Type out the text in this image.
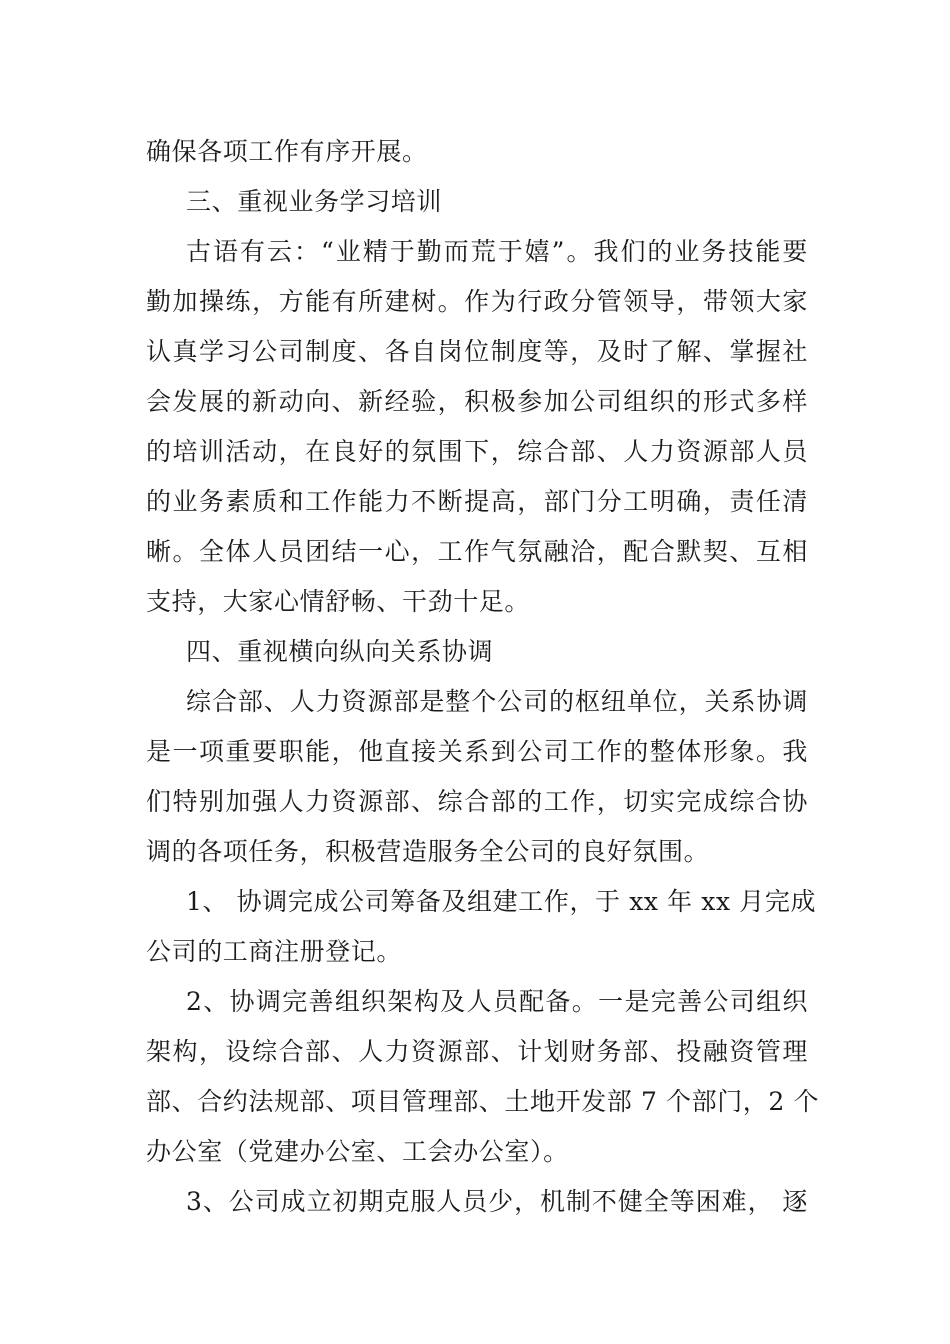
确保各项工作有序开展。
三、重视业务学习培训
古语有云：“业精于勤而荒于嬉”。我们的业务技能要
勤加操练，方能有所建树。作为行政分管领导，带领大家
认真学习公司制度、各自岗位制度等，及时了解、掌握社
会发展的新动向、新经验，积极参加公司组织的形式多样
的培训活动，在良好的氛围下，综合部、人力资源部人员
的业务素质和工作能力不断提高，部门分工明确，责任清
晰。全体人员团结一心，工作气氛融洽，配合默契、互相
支持，大家心情舒畅、干劲十足。
四、重视横向纵向关系协调
综合部、人力资源部是整个公司的枢纽单位，关系协调
是一项重要职能，他直接关系到公司工作的整体形象。我
们特别加强人力资源部、综合部的工作，切实完成综合协
调的各项任务，积极营造服务全公司的良好氛围。
1、 协调完成公司筹备及组建工作，于 xx 年 xx 月完成
公司的工商注册登记。
2、协调完善组织架构及人员配备。一是完善公司组织
架构，设综合部、人力资源部、计划财务部、投融资管理
部、合约法规部、项目管理部、土地开发部 7 个部门，2 个
办公室（党建办公室、工会办公室）。
3、公司成立初期克服人员少，机制不健全等困难， 逐
